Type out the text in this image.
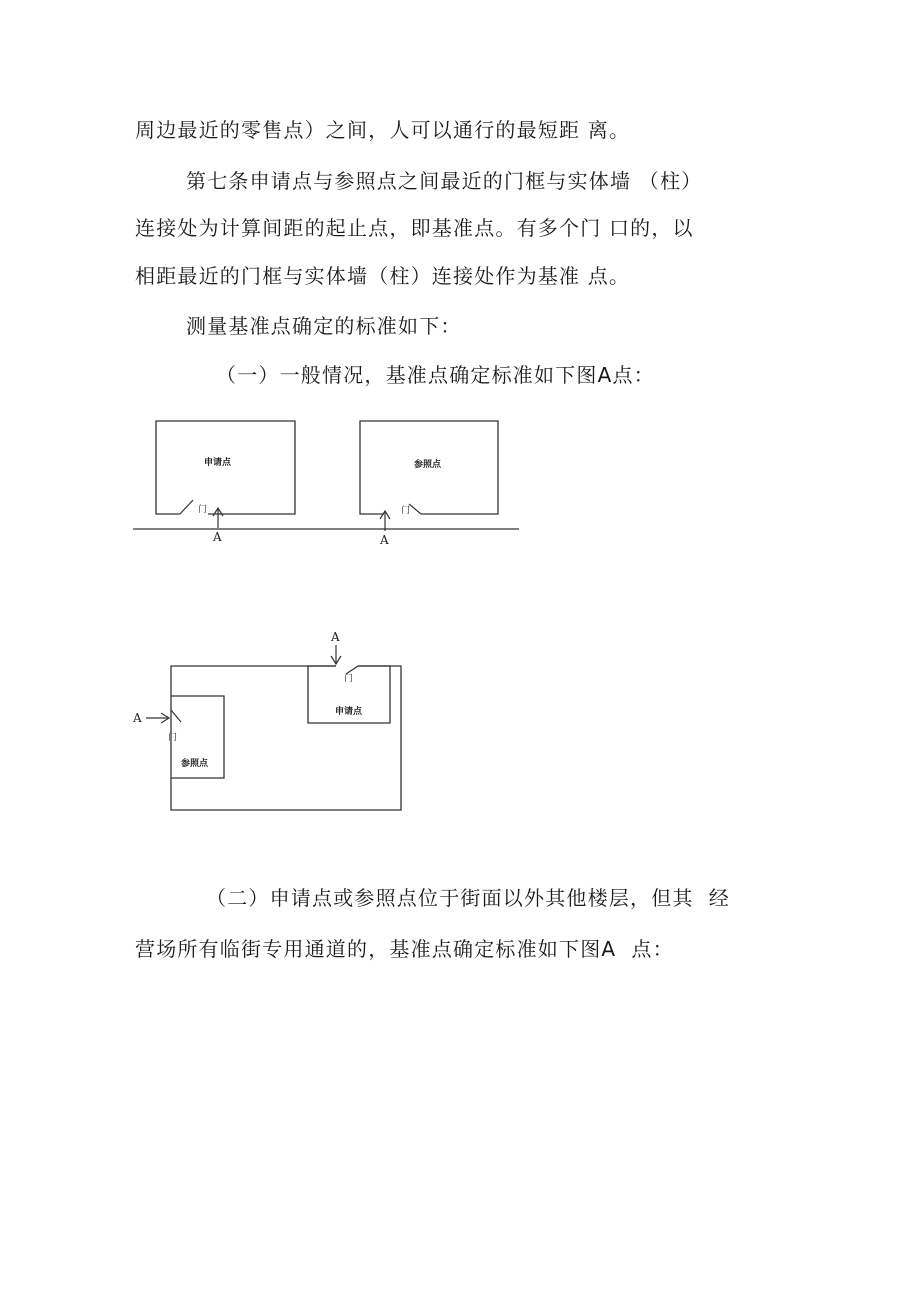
周边最近的零售点）之间，人可以通行的最短距 离。
第七条申请点与参照点之间最近的门框与实体墙 （柱）
连接处为计算间距的起止点，即基准点。有多个门 口的，以
相距最近的门框与实体墙（柱）连接处作为基准 点。
测量基准点确定的标准如下：
（一）一般情况，基准点确定标准如下图A点：
申请点
门
A
参照点
门
A
申请点
门
A
参照点
门
A
（二）申请点或参照点位于街面以外其他楼层，但其  经
营场所有临街专用通道的，基准点确定标准如下图A  点：
